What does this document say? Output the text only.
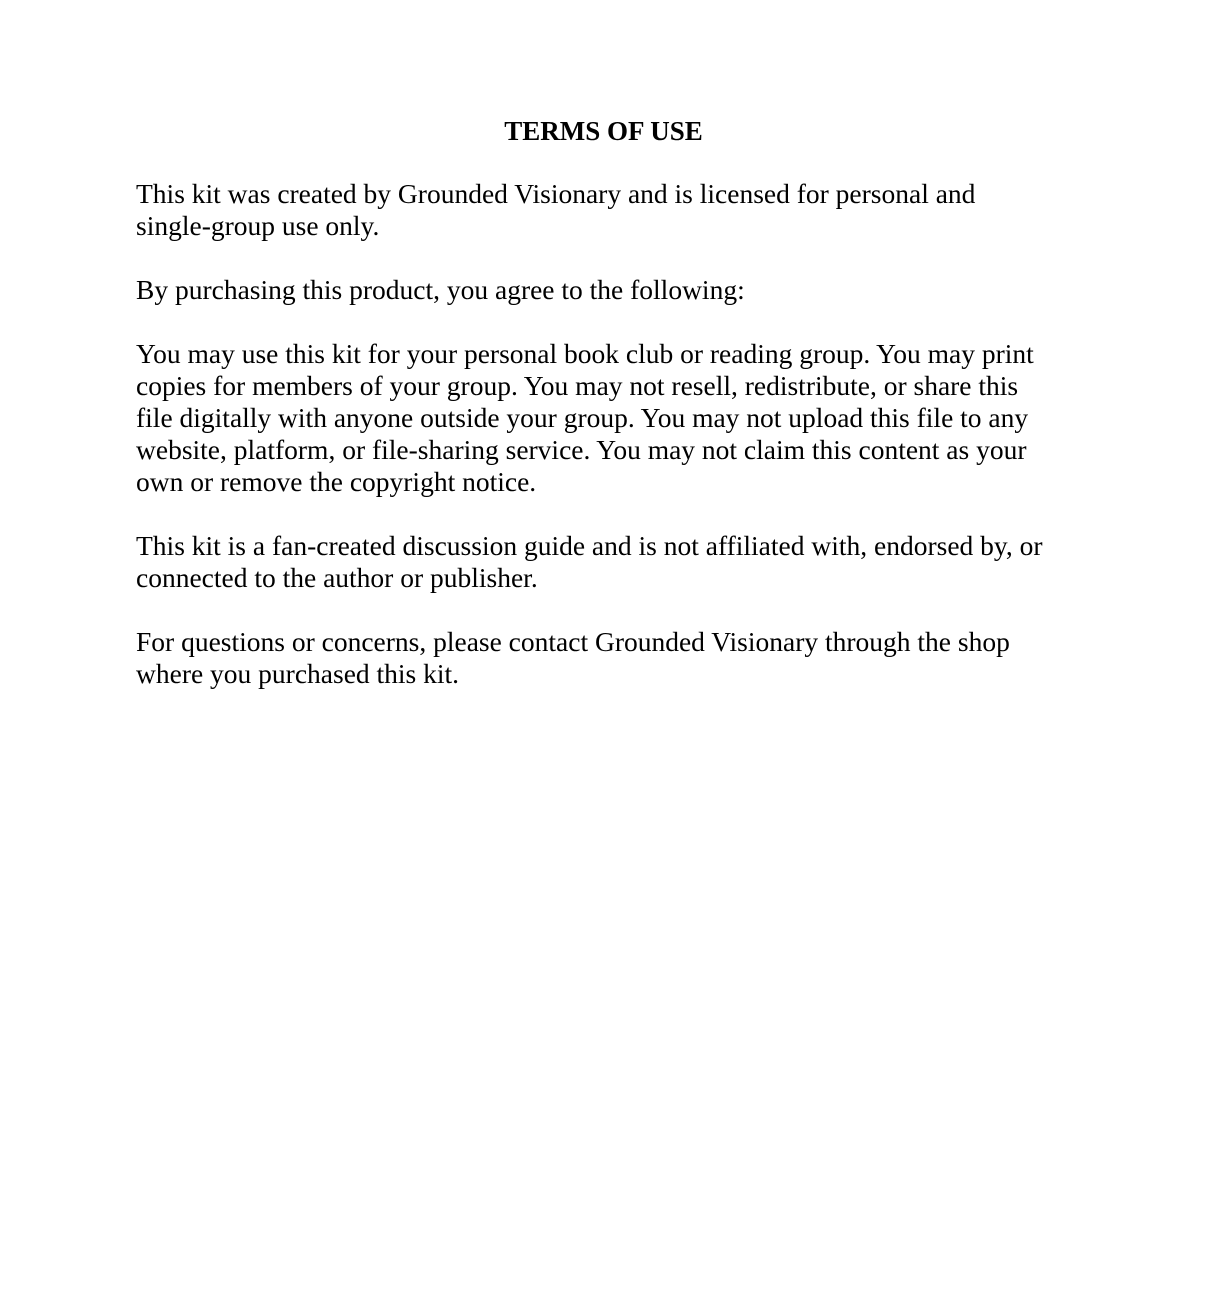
TERMS OF USE

This kit was created by Grounded Visionary and is licensed for personal and
single-group use only.

By purchasing this product, you agree to the following:

You may use this kit for your personal book club or reading group. You may print
copies for members of your group. You may not resell, redistribute, or share this
file digitally with anyone outside your group. You may not upload this file to any
website, platform, or file-sharing service. You may not claim this content as your
own or remove the copyright notice.

This kit is a fan-created discussion guide and is not affiliated with, endorsed by, or
connected to the author or publisher.

For questions or concerns, please contact Grounded Visionary through the shop
where you purchased this kit.
